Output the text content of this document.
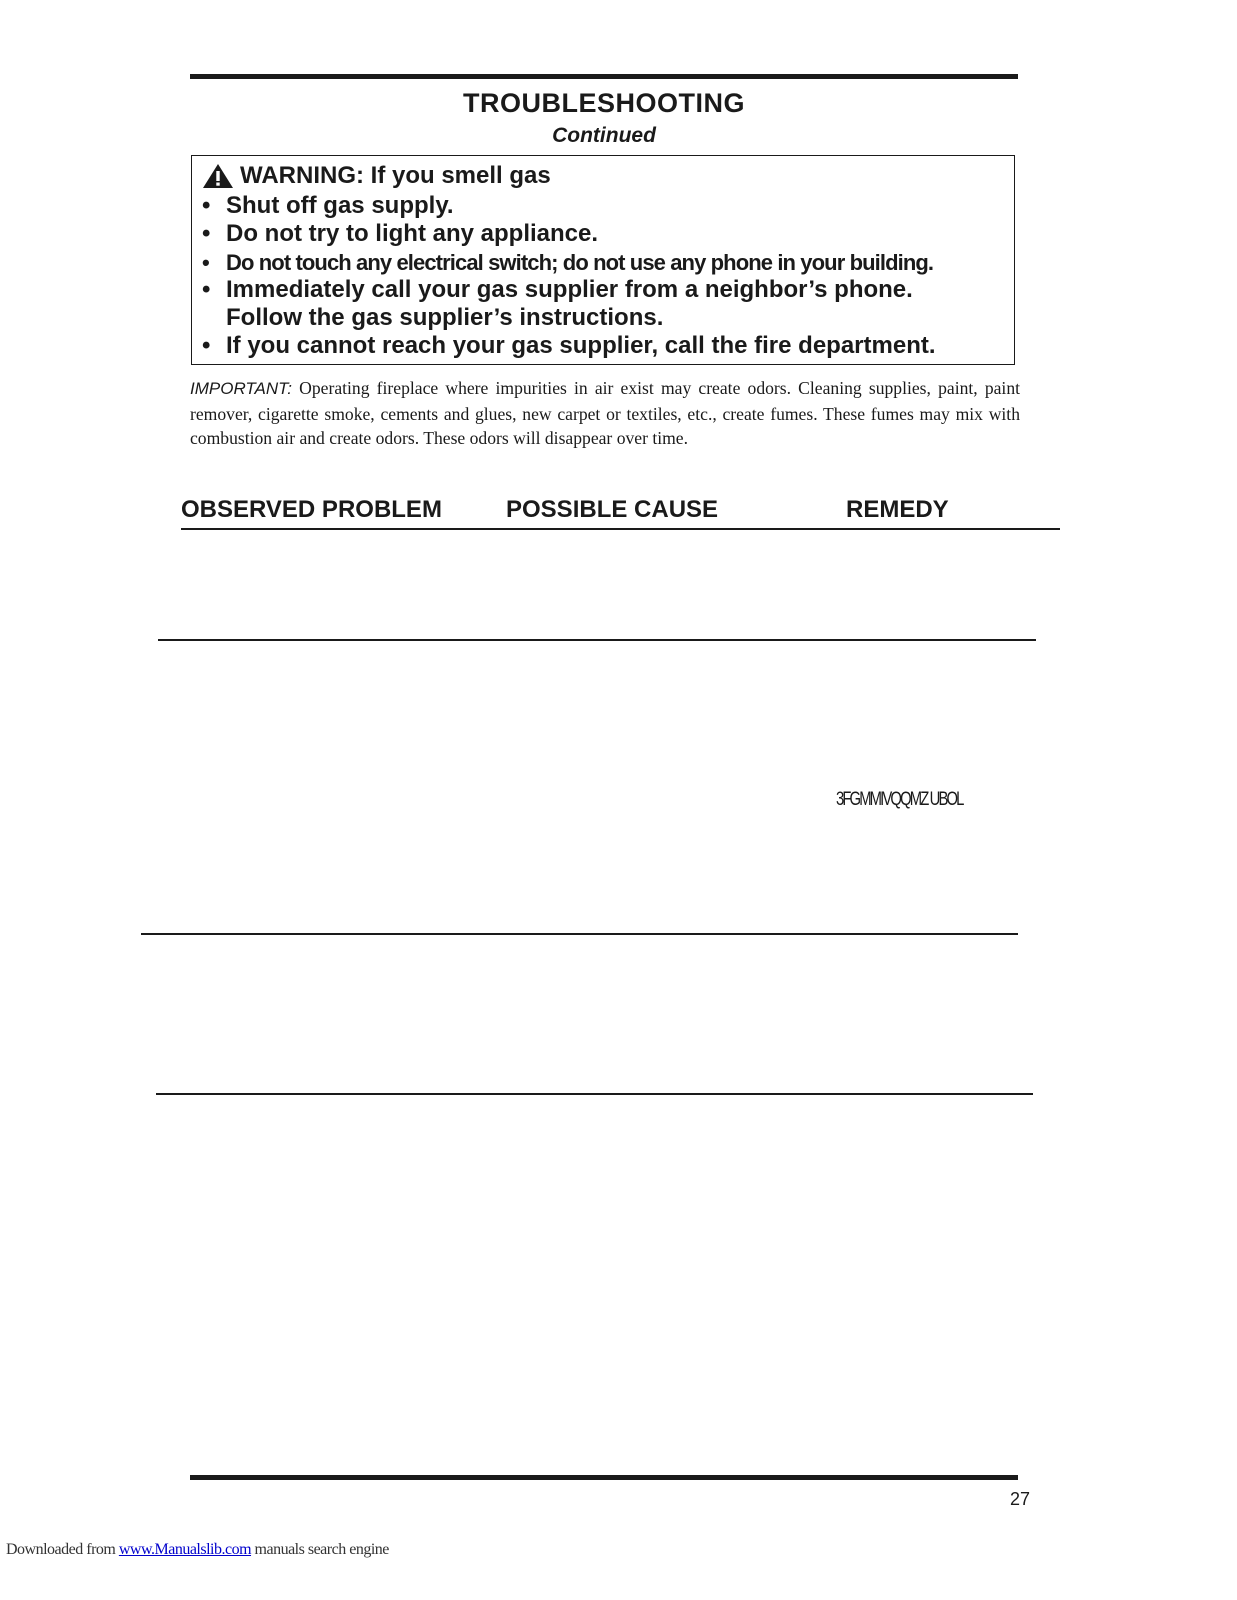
TROUBLESHOOTING
Continued
WARNING: If you smell gas
• Shut off gas supply.
• Do not try to light any appliance.
• Do not touch any electrical switch; do not use any phone in your building.
• Immediately call your gas supplier from a neighbor’s phone.
Follow the gas supplier’s instructions.
• If you cannot reach your gas supplier, call the fire department.
IMPORTANT: Operating fireplace where impurities in air exist may create odors. Cleaning supplies, paint, paint remover, cigarette smoke, cements and glues, new carpet or textiles, etc., create fumes. These fumes may mix with combustion air and create odors. These odors will disappear over time.
OBSERVED PROBLEM	POSSIBLE CAUSE	REMEDY
3FGMMIVQQMZ UBOL
27
Downloaded from www.Manualslib.com manuals search engine
